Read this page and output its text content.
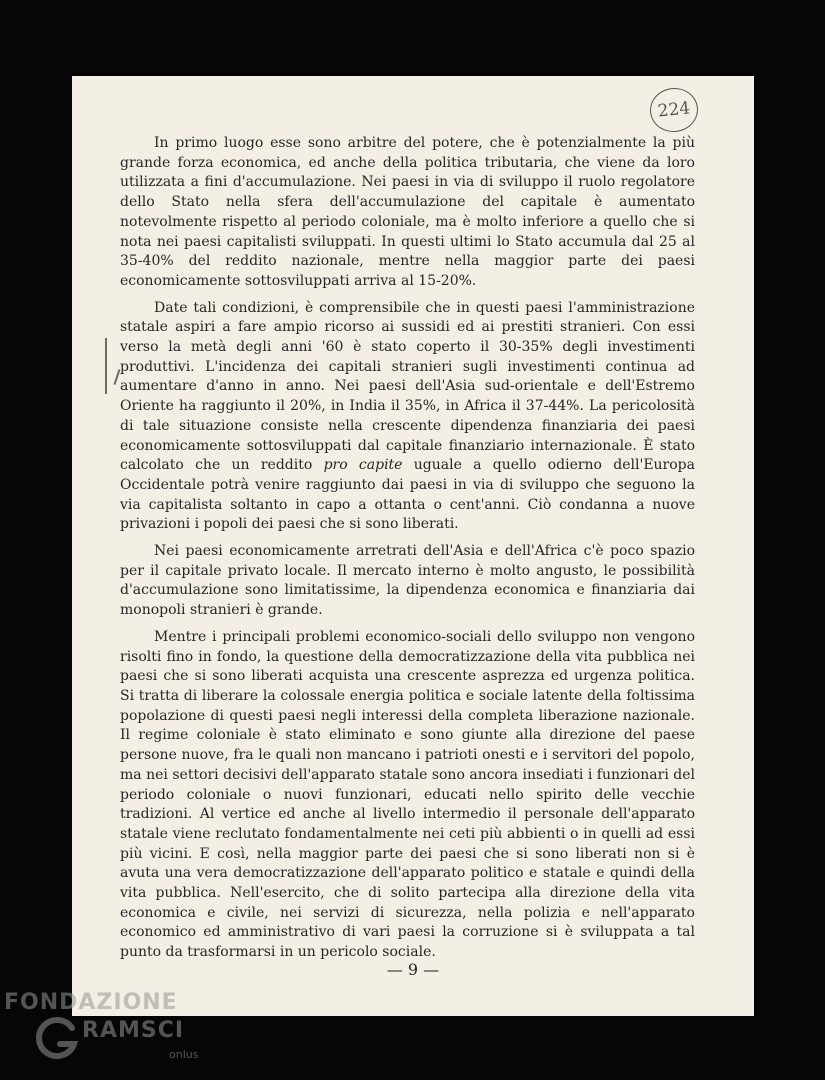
224

In primo luogo esse sono arbitre del potere, che è potenzialmente la più grande forza economica, ed anche della politica tributaria, che viene da loro utilizzata a fini d'accumulazione. Nei paesi in via di sviluppo il ruolo regolatore dello Stato nella sfera dell'accumulazione del capitale è aumentato notevolmente rispetto al periodo coloniale, ma è molto inferiore a quello che si nota nei paesi capitalisti sviluppati. In questi ultimi lo Stato accumula dal 25 al 35-40% del reddito nazionale, mentre nella maggior parte dei paesi economicamente sottosviluppati arriva al 15-20%.

Date tali condizioni, è comprensibile che in questi paesi l'amministrazione statale aspiri a fare ampio ricorso ai sussidi ed ai prestiti stranieri. Con essi verso la metà degli anni '60 è stato coperto il 30-35% degli investimenti produttivi. L'incidenza dei capitali stranieri sugli investimenti continua ad aumentare d'anno in anno. Nei paesi dell'Asia sud-orientale e dell'Estremo Oriente ha raggiunto il 20%, in India il 35%, in Africa il 37-44%. La pericolosità di tale situazione consiste nella crescente dipendenza finanziaria dei paesi economicamente sottosviluppati dal capitale finanziario internazionale. È stato calcolato che un reddito pro capite uguale a quello odierno dell'Europa Occidentale potrà venire raggiunto dai paesi in via di sviluppo che seguono la via capitalista soltanto in capo a ottanta o cent'anni. Ciò condanna a nuove privazioni i popoli dei paesi che si sono liberati.

Nei paesi economicamente arretrati dell'Asia e dell'Africa c'è poco spazio per il capitale privato locale. Il mercato interno è molto angusto, le possibilità d'accumulazione sono limitatissime, la dipendenza economica e finanziaria dai monopoli stranieri è grande.

Mentre i principali problemi economico-sociali dello sviluppo non vengono risolti fino in fondo, la questione della democratizzazione della vita pubblica nei paesi che si sono liberati acquista una crescente asprezza ed urgenza politica. Si tratta di liberare la colossale energia politica e sociale latente della foltissima popolazione di questi paesi negli interessi della completa liberazione nazionale. Il regime coloniale è stato eliminato e sono giunte alla direzione del paese persone nuove, fra le quali non mancano i patrioti onesti e i servitori del popolo, ma nei settori decisivi dell'apparato statale sono ancora insediati i funzionari del periodo coloniale o nuovi funzionari, educati nello spirito delle vecchie tradizioni. Al vertice ed anche al livello intermedio il personale dell'apparato statale viene reclutato fondamentalmente nei ceti più abbienti o in quelli ad essi più vicini. E così, nella maggior parte dei paesi che si sono liberati non si è avuta una vera democratizzazione dell'apparato politico e statale e quindi della vita pubblica. Nell'esercito, che di solito partecipa alla direzione della vita economica e civile, nei servizi di sicurezza, nella polizia e nell'apparato economico ed amministrativo di vari paesi la corruzione si è sviluppata a tal punto da trasformarsi in un pericolo sociale.

— 9 —
FONDAZIONE
RAMSCI
onlus
